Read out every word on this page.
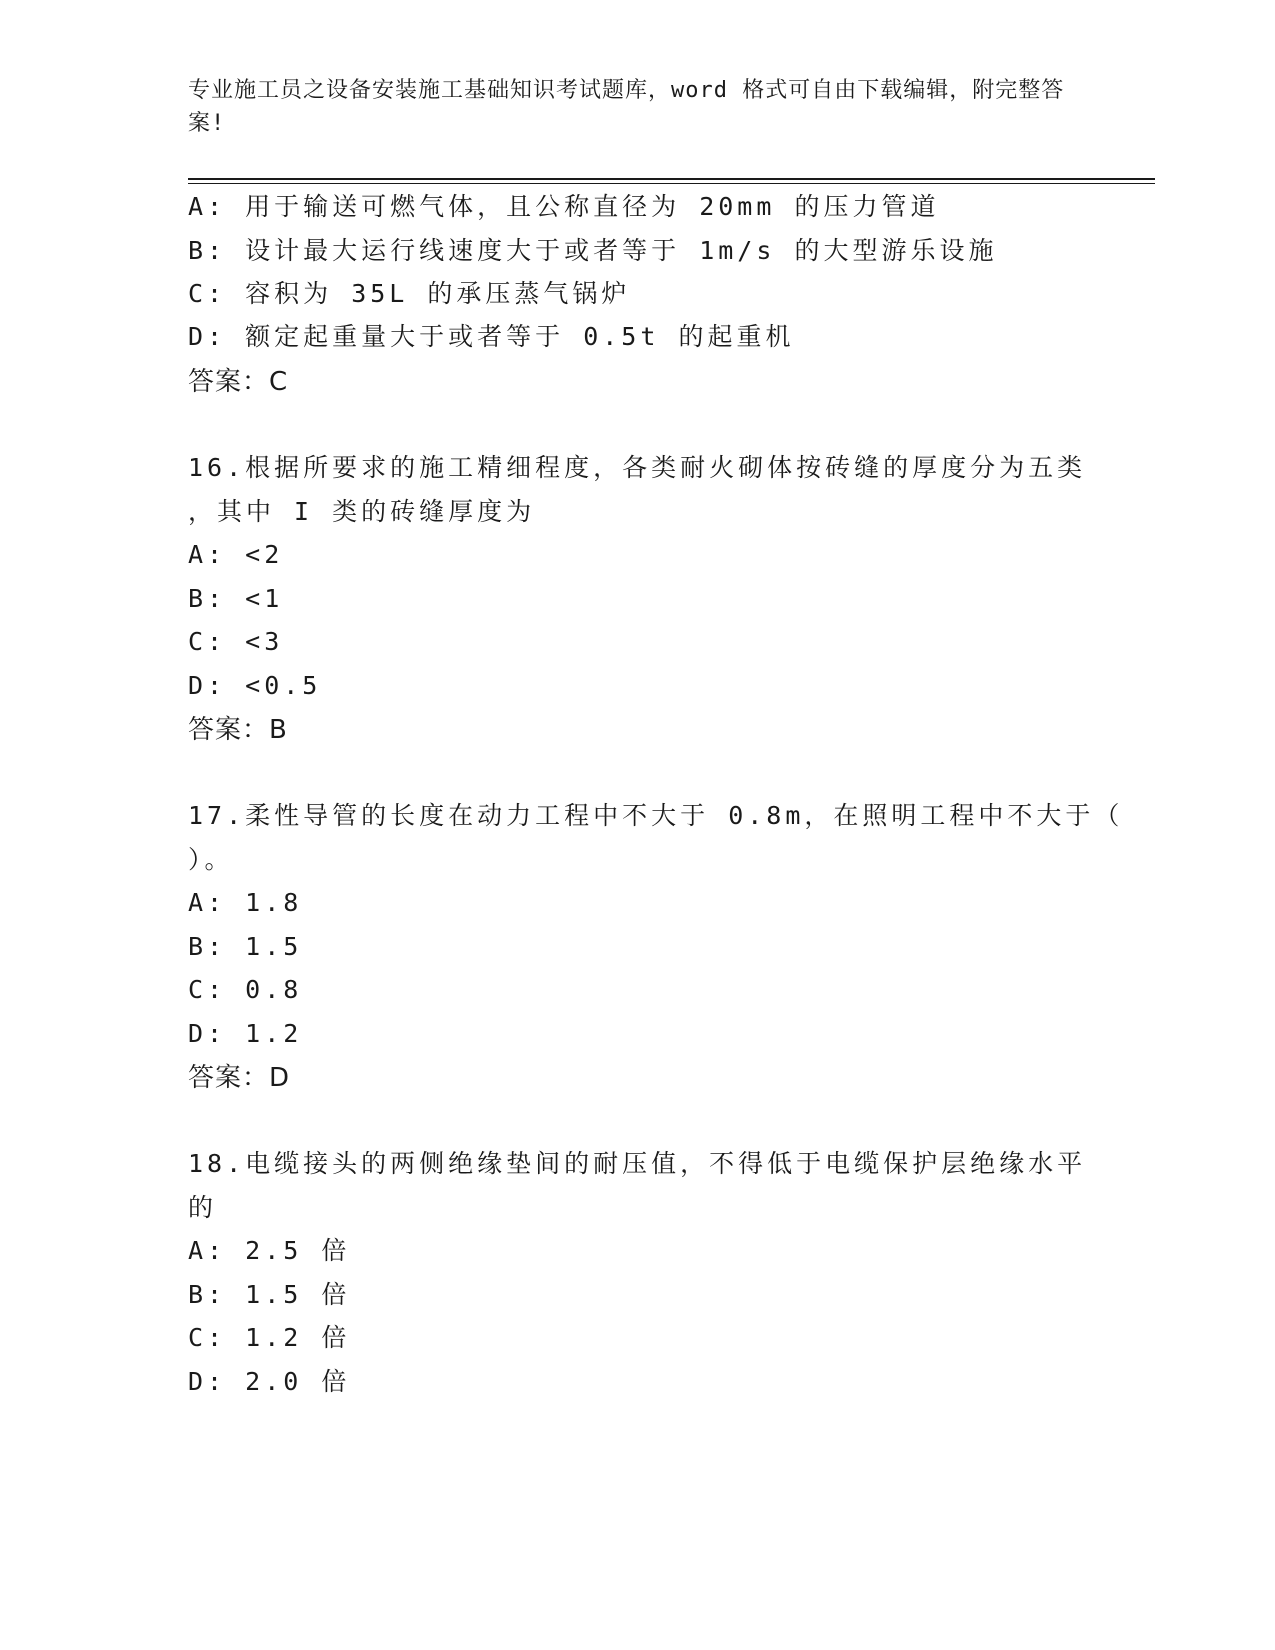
专业施工员之设备安装施工基础知识考试题库，word 格式可自由下载编辑，附完整答案!
A: 用于输送可燃气体，且公称直径为 20mm 的压力管道
B: 设计最大运行线速度大于或者等于 1m/s 的大型游乐设施
C: 容积为 35L 的承压蒸气锅炉
D: 额定起重量大于或者等于 0.5t 的起重机
答案：C
16.根据所要求的施工精细程度，各类耐火砌体按砖缝的厚度分为五类
，其中 I 类的砖缝厚度为
A: <2
B: <1
C: <3
D: <0.5
答案：B
17.柔性导管的长度在动力工程中不大于 0.8m，在照明工程中不大于（
）。
A: 1.8
B: 1.5
C: 0.8
D: 1.2
答案：D
18.电缆接头的两侧绝缘垫间的耐压值，不得低于电缆保护层绝缘水平
的
A: 2.5 倍
B: 1.5 倍
C: 1.2 倍
D: 2.0 倍
